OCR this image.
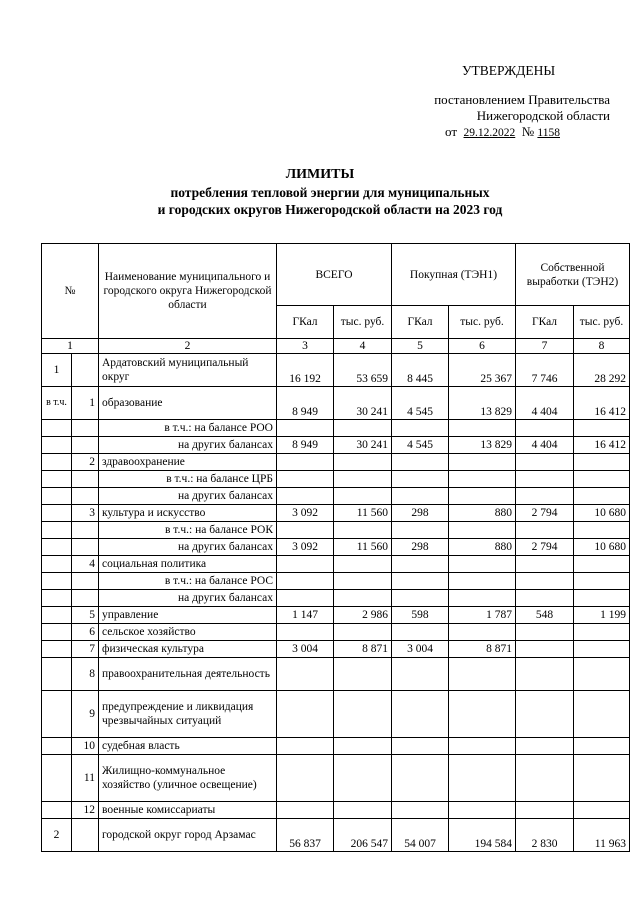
УТВЕРЖДЕНЫ
постановлением Правительства
Нижегородской области
от 29.12.2022 № 1158
ЛИМИТЫ
потребления тепловой энергии для муниципальных
и городских округов Нижегородской области на 2023 год
№		Наименование муниципального и городского округа Нижегородской области	ВСЕГО		Покупная (ТЭН1)		Собственной выработки (ТЭН2)	
			ГКал	тыс. руб.	ГКал	тыс. руб.	ГКал	тыс. руб.
1		2	3	4	5	6	7	8
1		Ардатовский муниципальный округ	16 192	53 659	8 445	25 367	7 746	28 292
в т.ч.	1	образование	8 949	30 241	4 545	13 829	4 404	16 412
		в т.ч.: на балансе РОО						
		на других балансах	8 949	30 241	4 545	13 829	4 404	16 412
	2	здравоохранение						
		в т.ч.: на балансе ЦРБ						
		на других балансах						
	3	культура и искусство	3 092	11 560	298	880	2 794	10 680
		в т.ч.: на балансе РОК						
		на других балансах	3 092	11 560	298	880	2 794	10 680
	4	социальная политика						
		в т.ч.: на балансе РОС						
		на других балансах						
	5	управление	1 147	2 986	598	1 787	548	1 199
	6	сельское хозяйство						
	7	физическая культура	3 004	8 871	3 004	8 871		
	8	правоохранительная деятельность						
	9	предупреждение и ликвидация чрезвычайных ситуаций						
	10	судебная власть						
	11	Жилищно-коммунальное хозяйство (уличное освещение)						
	12	военные комиссариаты						
2		городской округ город Арзамас	56 837	206 547	54 007	194 584	2 830	11 963
